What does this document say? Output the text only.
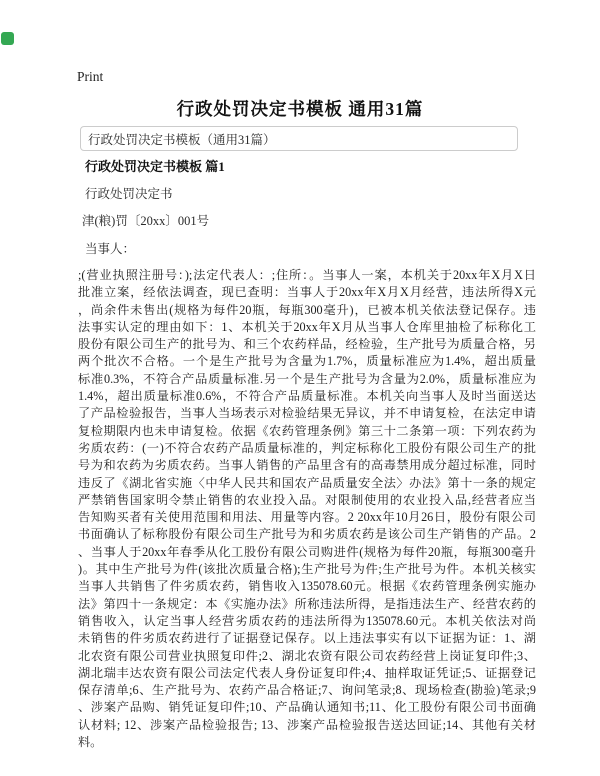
Print
行政处罚决定书模板 通用31篇
行政处罚决定书模板（通用31篇）
行政处罚决定书模板 篇1
行政处罚决定书
津(粮)罚〔20xx〕001号
当事人：
;(营业执照注册号：);法定代表人：;住所：。当事人一案，本机关于20xx年X月X日
批准立案，经依法调查，现已查明：当事人于20xx年X月X月经营，违法所得X元
，尚余件未售出(规格为每件20瓶，每瓶300毫升)，已被本机关依法登记保存。违
法事实认定的理由如下：1、本机关于20xx年X月从当事人仓库里抽检了标称化工
股份有限公司生产的批号为、和三个农药样品，经检验，生产批号为质量合格，另
两个批次不合格。一个是生产批号为含量为1.7%，质量标准应为1.4%，超出质量
标准0.3%，不符合产品质量标准.另一个是生产批号为含量为2.0%，质量标准应为
1.4%，超出质量标准0.6%，不符合产品质量标准。本机关向当事人及时当面送达
了产品检验报告，当事人当场表示对检验结果无异议，并不申请复检，在法定申请
复检期限内也未申请复检。依据《农药管理条例》第三十二条第一项：下列农药为
劣质农药：(一)不符合农药产品质量标准的，判定标称化工股份有限公司生产的批
号为和农药为劣质农药。当事人销售的产品里含有的高毒禁用成分超过标准，同时
违反了《湖北省实施〈中华人民共和国农产品质量安全法〉办法》第十一条的规定
严禁销售国家明令禁止销售的农业投入品。对限制使用的农业投入品,经营者应当
告知购买者有关使用范围和用法、用量等内容。2 20xx年10月26日，股份有限公司
书面确认了标称股份有限公司生产批号为和劣质农药是该公司生产销售的产品。2
、当事人于20xx年春季从化工股份有限公司购进件(规格为每件20瓶，每瓶300毫升
)。其中生产批号为件(该批次质量合格);生产批号为件;生产批号为件。本机关核实
当事人共销售了件劣质农药，销售收入135078.60元。根据《农药管理条例实施办
法》第四十一条规定：本《实施办法》所称违法所得，是指违法生产、经营农药的
销售收入，认定当事人经营劣质农药的违法所得为135078.60元。本机关依法对尚
未销售的件劣质农药进行了证据登记保存。以上违法事实有以下证据为证：1、湖
北农资有限公司营业执照复印件;2、湖北农资有限公司农药经营上岗证复印件;3、
湖北瑞丰达农资有限公司法定代表人身份证复印件;4、抽样取证凭证;5、证据登记
保存清单;6、生产批号为、农药产品合格证;7、询问笔录;8、现场检查(勘验)笔录;9
、涉案产品购、销凭证复印件;10、产品确认通知书;11、化工股份有限公司书面确
认材料; 12、涉案产品检验报告; 13、涉案产品检验报告送达回证;14、其他有关材
料。
